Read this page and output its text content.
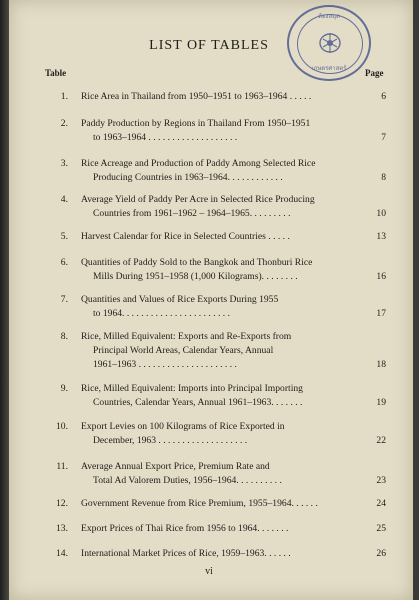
ห้องสมุด
เกษตรศาสตร์
LIST OF TABLES
Table	Page
1. Rice Area in Thailand from 1950–1951 to 1963–1964 . . . . .	6
2. Paddy Production by Regions in Thailand From 1950–1951
to 1963–1964 . . . . . . . . . . . . . . . . . . .	7
3. Rice Acreage and Production of Paddy Among Selected Rice
Producing Countries in 1963–1964. . . . . . . . . . . .	8
4. Average Yield of Paddy Per Acre in Selected Rice Producing
Countries from 1961–1962 – 1964–1965. . . . . . . . .	10
5. Harvest Calendar for Rice in Selected Countries . . . . .	13
6. Quantities of Paddy Sold to the Bangkok and Thonburi Rice
Mills During 1951–1958 (1,000 Kilograms). . . . . . . .	16
7. Quantities and Values of Rice Exports During 1955
to 1964. . . . . . . . . . . . . . . . . . . . . . .	17
8. Rice, Milled Equivalent: Exports and Re-Exports from
Principal World Areas, Calendar Years, Annual
1961–1963 . . . . . . . . . . . . . . . . . . . . .	18
9. Rice, Milled Equivalent: Imports into Principal Importing
Countries, Calendar Years, Annual 1961–1963. . . . . . .	19
10. Export Levies on 100 Kilograms of Rice Exported in
December, 1963 . . . . . . . . . . . . . . . . . . .	22
11. Average Annual Export Price, Premium Rate and
Total Ad Valorem Duties, 1956–1964. . . . . . . . . .	23
12. Government Revenue from Rice Premium, 1955–1964. . . . . .	24
13. Export Prices of Thai Rice from 1956 to 1964. . . . . . .	25
14. International Market Prices of Rice, 1959–1963. . . . . .	26
vi
